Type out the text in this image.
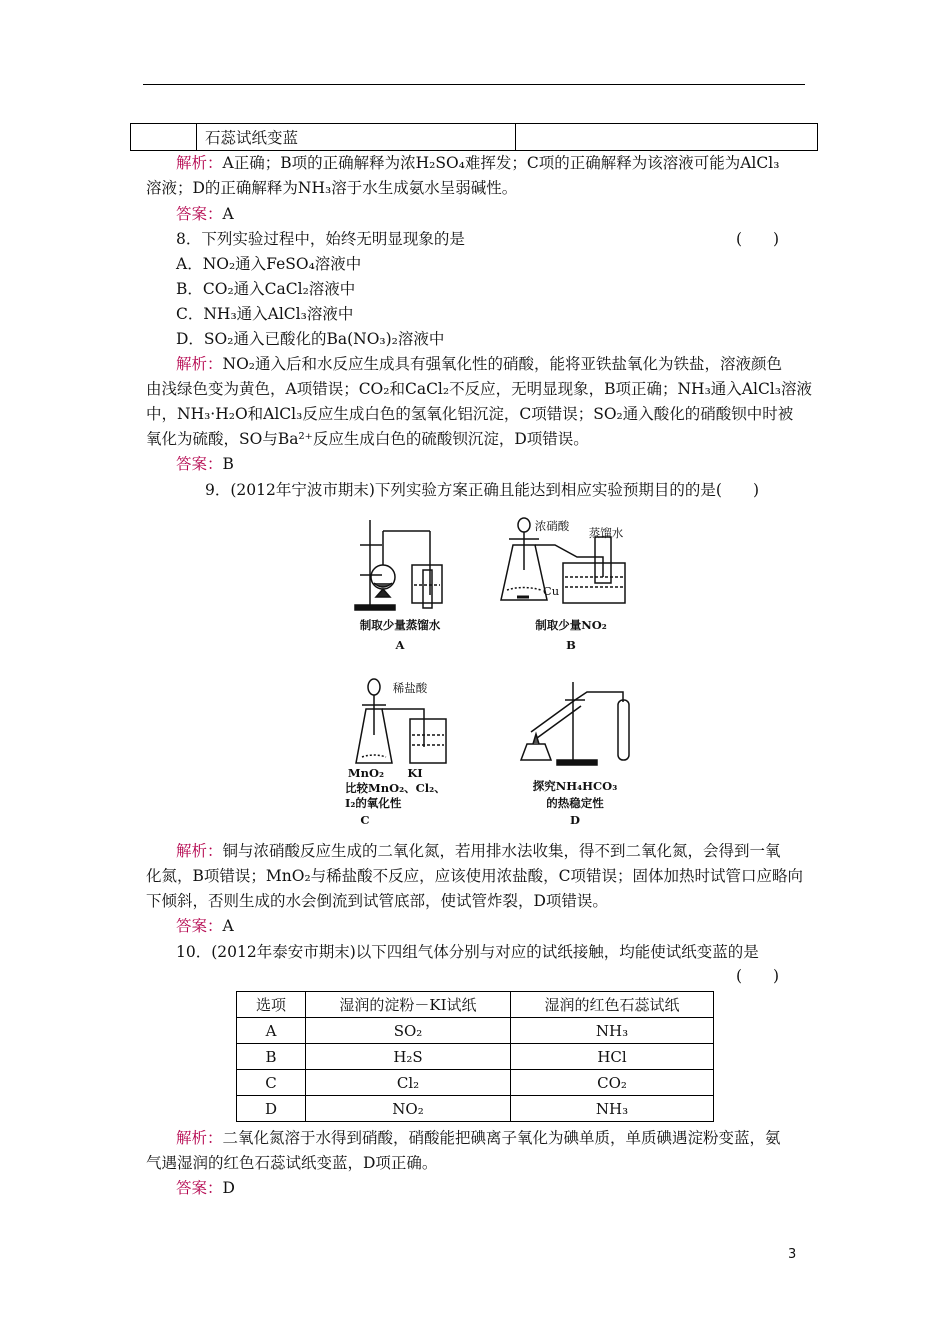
	石蕊试纸变蓝	
解析：A正确；B项的正确解释为浓H₂SO₄难挥发；C项的正确解释为该溶液可能为AlCl₃
溶液；D的正确解释为NH₃溶于水生成氨水呈弱碱性。
答案：A
8．下列实验过程中，始终无明显现象的是	(　　)
A．NO₂通入FeSO₄溶液中
B．CO₂通入CaCl₂溶液中
C．NH₃通入AlCl₃溶液中
D．SO₂通入已酸化的Ba(NO₃)₂溶液中
解析：NO₂通入后和水反应生成具有强氧化性的硝酸，能将亚铁盐氧化为铁盐，溶液颜色
由浅绿色变为黄色，A项错误；CO₂和CaCl₂不反应，无明显现象，B项正确；NH₃通入AlCl₃溶液
中，NH₃·H₂O和AlCl₃反应生成白色的氢氧化铝沉淀，C项错误；SO₂通入酸化的硝酸钡中时被
氧化为硫酸，SO与Ba²⁺反应生成白色的硫酸钡沉淀，D项错误。
答案：B
9．(2012年宁波市期末)下列实验方案正确且能达到相应实验预期目的的是(　　)
制取少量蒸馏水
A
浓硝酸	蒸馏水
Cu
制取少量NO₂
B
稀盐酸
MnO₂	KI
比较MnO₂、Cl₂、
I₂的氧化性
C
探究NH₄HCO₃
的热稳定性
D
解析：铜与浓硝酸反应生成的二氧化氮，若用排水法收集，得不到二氧化氮，会得到一氧
化氮，B项错误；MnO₂与稀盐酸不反应，应该使用浓盐酸，C项错误；固体加热时试管口应略向
下倾斜，否则生成的水会倒流到试管底部，使试管炸裂，D项错误。
答案：A
10．(2012年泰安市期末)以下四组气体分别与对应的试纸接触，均能使试纸变蓝的是
(　　)
选项	湿润的淀粉－KI试纸	湿润的红色石蕊试纸
A	SO₂	NH₃
B	H₂S	HCl
C	Cl₂	CO₂
D	NO₂	NH₃
解析：二氧化氮溶于水得到硝酸，硝酸能把碘离子氧化为碘单质，单质碘遇淀粉变蓝，氨
气遇湿润的红色石蕊试纸变蓝，D项正确。
答案：D
3
